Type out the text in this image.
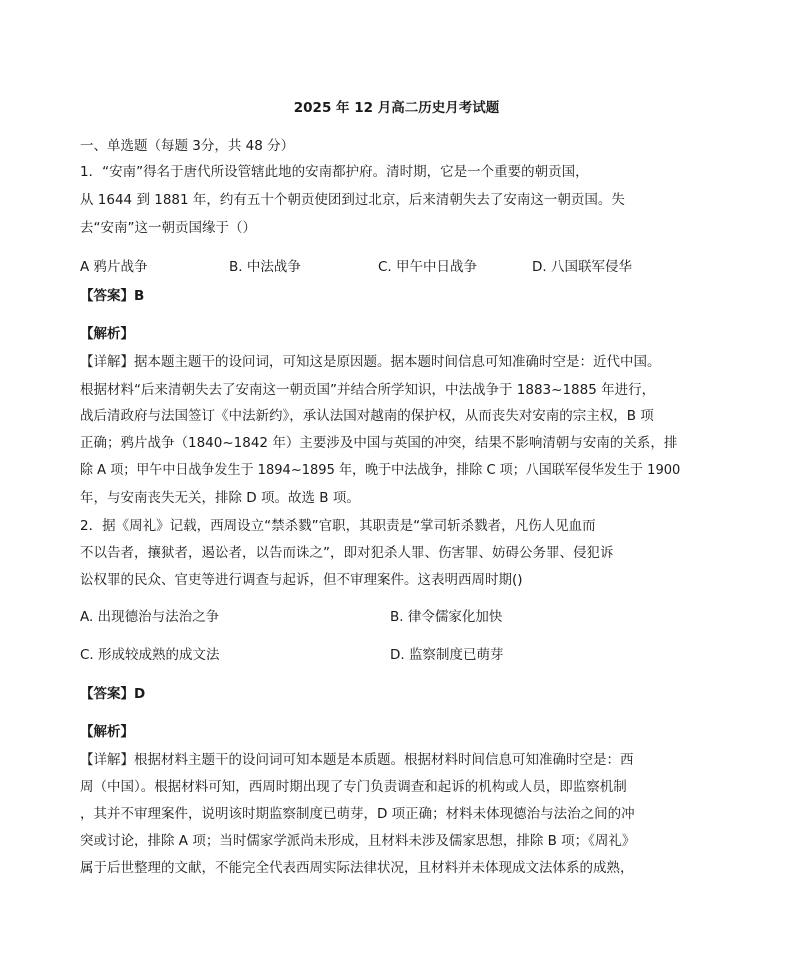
2025 年 12 月高二历史月考试题
一、单选题（每题 3分，共 48 分）
1．“安南”得名于唐代所设管辖此地的安南都护府。清时期，它是一个重要的朝贡国，
从 1644 到 1881 年，约有五十个朝贡使团到过北京，后来清朝失去了安南这一朝贡国。失
去“安南”这一朝贡国缘于（）
A 鸦片战争	B. 中法战争	C. 甲午中日战争	D. 八国联军侵华
【答案】B
【解析】
【详解】据本题主题干的设问词，可知这是原因题。据本题时间信息可知准确时空是：近代中国。
根据材料“后来清朝失去了安南这一朝贡国”并结合所学知识，中法战争于 1883~1885 年进行，
战后清政府与法国签订《中法新约》，承认法国对越南的保护权，从而丧失对安南的宗主权，B 项
正确；鸦片战争（1840~1842 年）主要涉及中国与英国的冲突，结果不影响清朝与安南的关系，排
除 A 项；甲午中日战争发生于 1894~1895 年，晚于中法战争，排除 C 项；八国联军侵华发生于 1900
年，与安南丧失无关，排除 D 项。故选 B 项。
2．据《周礼》记载，西周设立“禁杀戮”官职，其职责是“掌司斩杀戮者，凡伤人见血而
不以告者，攘狱者，遏讼者，以告而诛之”，即对犯杀人罪、伤害罪、妨碍公务罪、侵犯诉
讼权罪的民众、官吏等进行调查与起诉，但不审理案件。这表明西周时期()
A. 出现德治与法治之争	B. 律令儒家化加快
C. 形成较成熟的成文法	D. 监察制度已萌芽
【答案】D
【解析】
【详解】根据材料主题干的设问词可知本题是本质题。根据材料时间信息可知准确时空是：西
周（中国）。根据材料可知，西周时期出现了专门负责调查和起诉的机构或人员，即监察机制
，其并不审理案件，说明该时期监察制度已萌芽，D 项正确；材料未体现德治与法治之间的冲
突或讨论，排除 A 项；当时儒家学派尚未形成，且材料未涉及儒家思想，排除 B 项；《周礼》
属于后世整理的文献，不能完全代表西周实际法律状况，且材料并未体现成文法体系的成熟，
